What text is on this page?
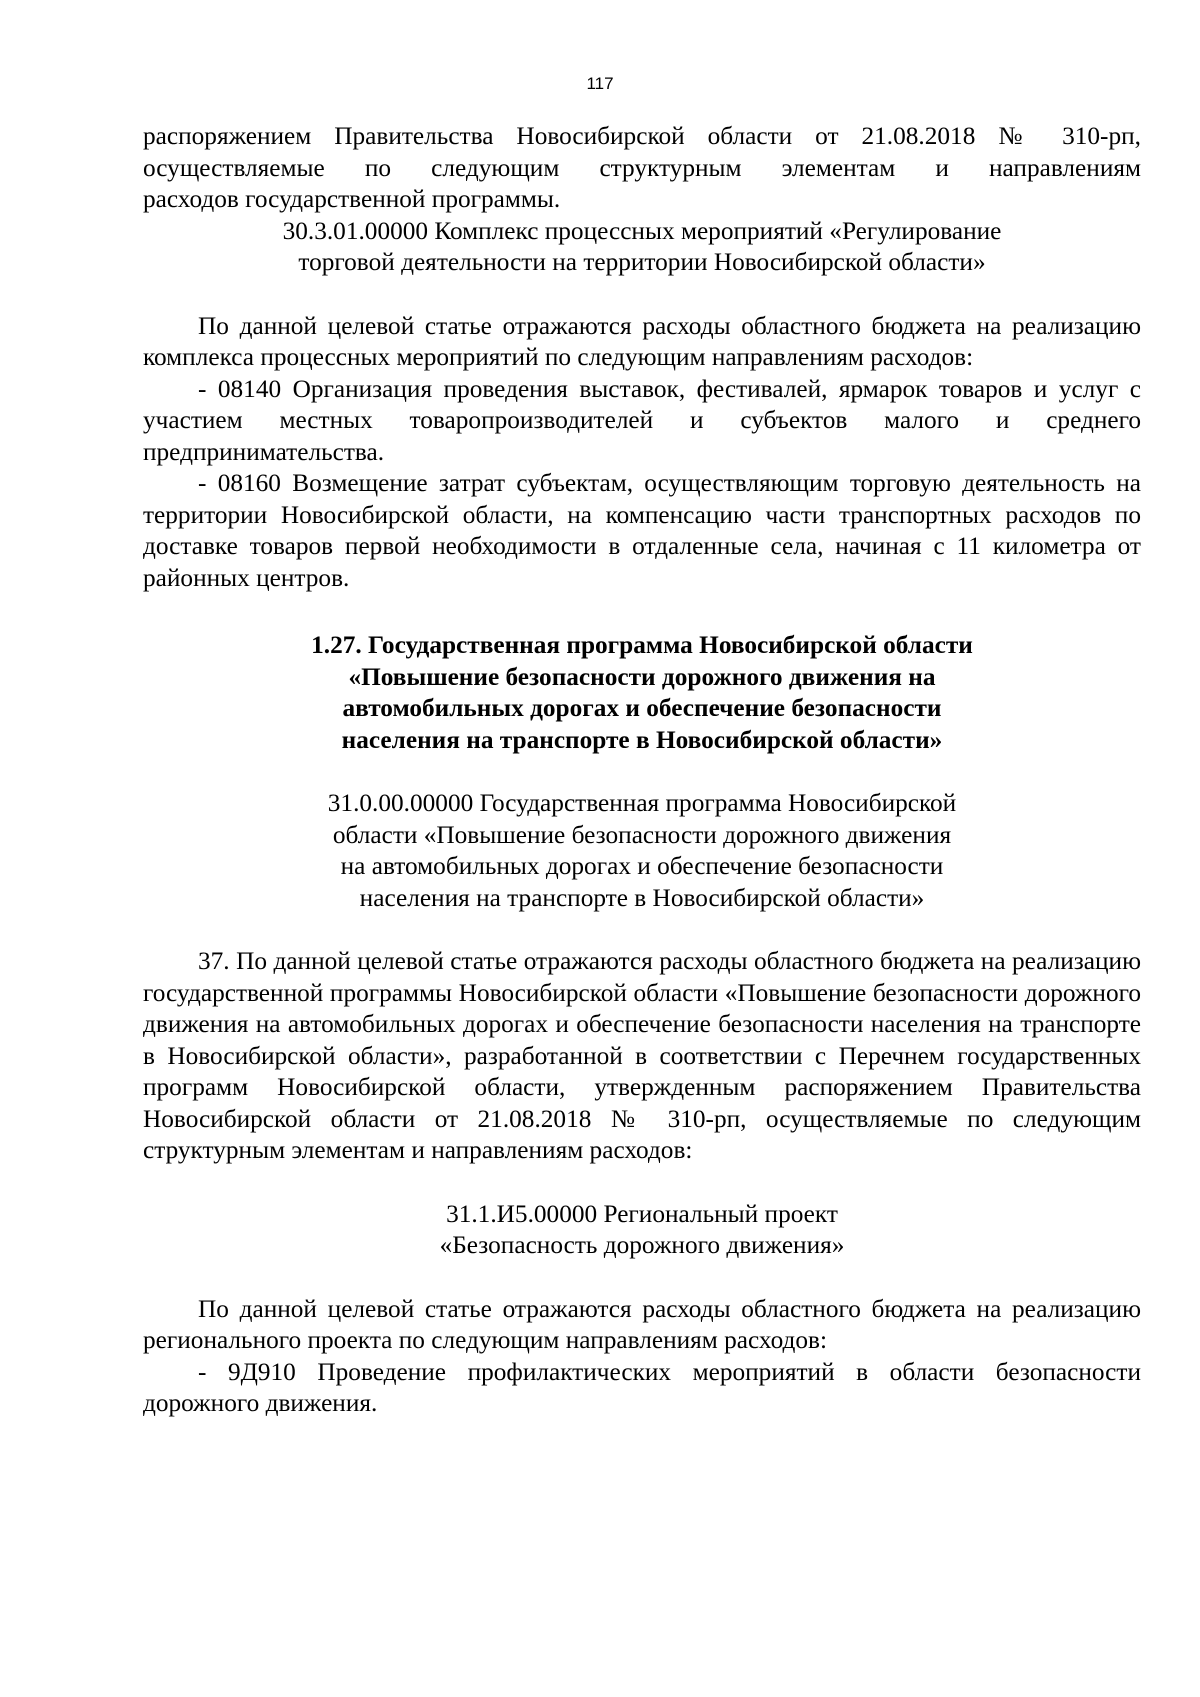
117

распоряжением Правительства Новосибирской области от 21.08.2018 № 310-рп,

осуществляемые по следующим структурным элементам и направлениям

расходов государственной программы.

30.3.01.00000 Комплекс процессных мероприятий «Регулирование

торговой деятельности на территории Новосибирской области»

По данной целевой статье отражаются расходы областного бюджета на реализацию комплекса процессных мероприятий по следующим направлениям расходов:

- 08140 Организация проведения выставок, фестивалей, ярмарок товаров и услуг с участием местных товаропроизводителей и субъектов малого и среднего предпринимательства.

- 08160 Возмещение затрат субъектам, осуществляющим торговую деятельность на территории Новосибирской области, на компенсацию части транспортных расходов по доставке товаров первой необходимости в отдаленные села, начиная с 11 километра от районных центров.

1.27. Государственная программа Новосибирской области

«Повышение безопасности дорожного движения на

автомобильных дорогах и обеспечение безопасности

населения на транспорте в Новосибирской области»

31.0.00.00000 Государственная программа Новосибирской

области «Повышение безопасности дорожного движения

на автомобильных дорогах и обеспечение безопасности

населения на транспорте в Новосибирской области»

37. По данной целевой статье отражаются расходы областного бюджета на реализацию государственной программы Новосибирской области «Повышение безопасности дорожного движения на автомобильных дорогах и обеспечение безопасности населения на транспорте в Новосибирской области», разработанной в соответствии с Перечнем государственных программ Новосибирской области, утвержденным распоряжением Правительства Новосибирской области от 21.08.2018 № 310-рп, осуществляемые по следующим структурным элементам и направлениям расходов:

31.1.И5.00000 Региональный проект

«Безопасность дорожного движения»

По данной целевой статье отражаются расходы областного бюджета на реализацию регионального проекта по следующим направлениям расходов:

- 9Д910 Проведение профилактических мероприятий в области безопасности дорожного движения.
